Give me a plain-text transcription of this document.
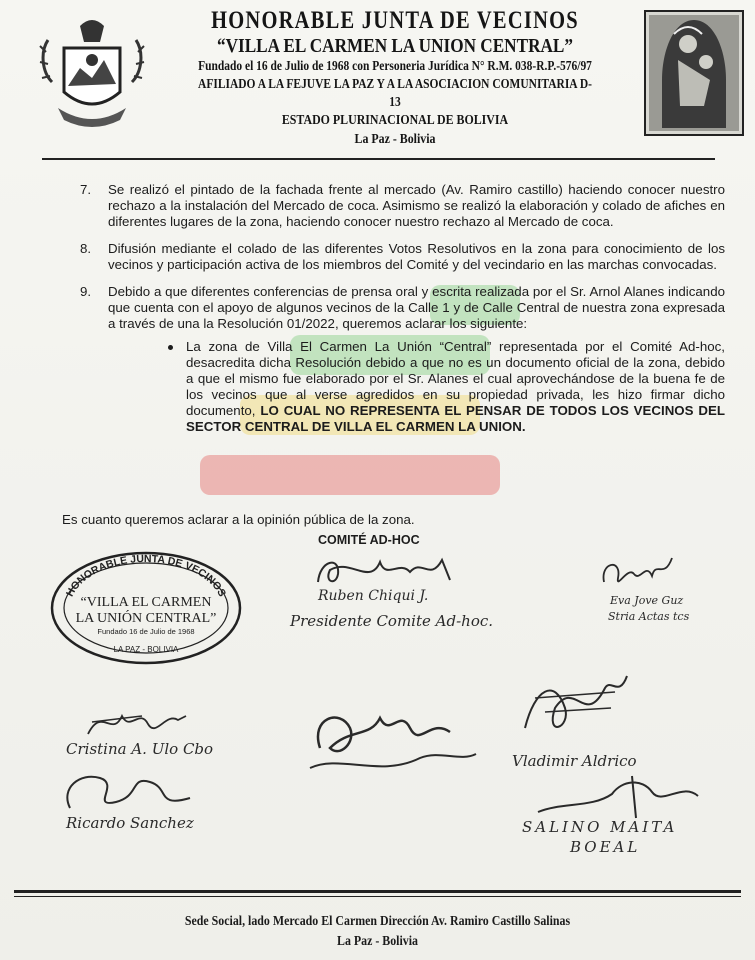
HONORABLE JUNTA DE VECINOS
“VILLA EL CARMEN LA UNION CENTRAL”
Fundado el 16 de Julio de 1968 con Personeria Jurídica N° R.M. 038-R.P.-576/97
AFILIADO A LA FEJUVE LA PAZ Y A LA ASOCIACION COMUNITARIA D-13
ESTADO PLURINACIONAL DE BOLIVIA
La Paz - Bolivia
7. Se realizó el pintado de la fachada frente al mercado (Av. Ramiro castillo) haciendo conocer nuestro rechazo a la instalación del Mercado de coca. Asimismo se realizó la elaboración y colado de afiches en diferentes lugares de la zona, haciendo conocer nuestro rechazo al Mercado de coca.
8. Difusión mediante el colado de las diferentes Votos Resolutivos en la zona para conocimiento de los vecinos y participación activa de los miembros del Comité y del vecindario en las marchas convocadas.
9. Debido a que diferentes conferencias de prensa oral y escrita realizada por el Sr. Arnol Alanes indicando que cuenta con el apoyo de algunos vecinos de la Calle 1 y de Calle Central de nuestra zona expresada a través de una la Resolución 01/2022, queremos aclarar los siguiente:
La zona de Villa El Carmen La Unión “Central” representada por el Comité Ad-hoc, desacredita dicha Resolución debido a que no es un documento oficial de la zona, debido a que el mismo fue elaborado por el Sr. Alanes el cual aprovechándose de la buena fe de los vecinos que al verse agredidos en su propiedad privada, les hizo firmar dicho documento, LO CUAL NO REPRESENTA EL PENSAR DE TODOS LOS VECINOS DEL SECTOR CENTRAL DE VILLA EL CARMEN LA UNION.
Es cuanto queremos aclarar a la opinión pública de la zona.
COMITÉ AD-HOC
HONORABLE JUNTA DE VECINOS
“VILLA EL CARMEN
LA UNIÓN CENTRAL”
Fundado 16 de Julio de 1968
LA PAZ - BOLIVIA
Ruben Chiqui J.
Presidente Comite Ad-hoc.
Eva Jove Guz
Stria Actas tcs
Cristina A. Ulo Cbo
Ricardo Sanchez
Vladimir Aldrico
SALINO MAITA
BOEAL
Sede Social, lado Mercado El Carmen Dirección Av. Ramiro Castillo Salinas
La Paz - Bolivia
